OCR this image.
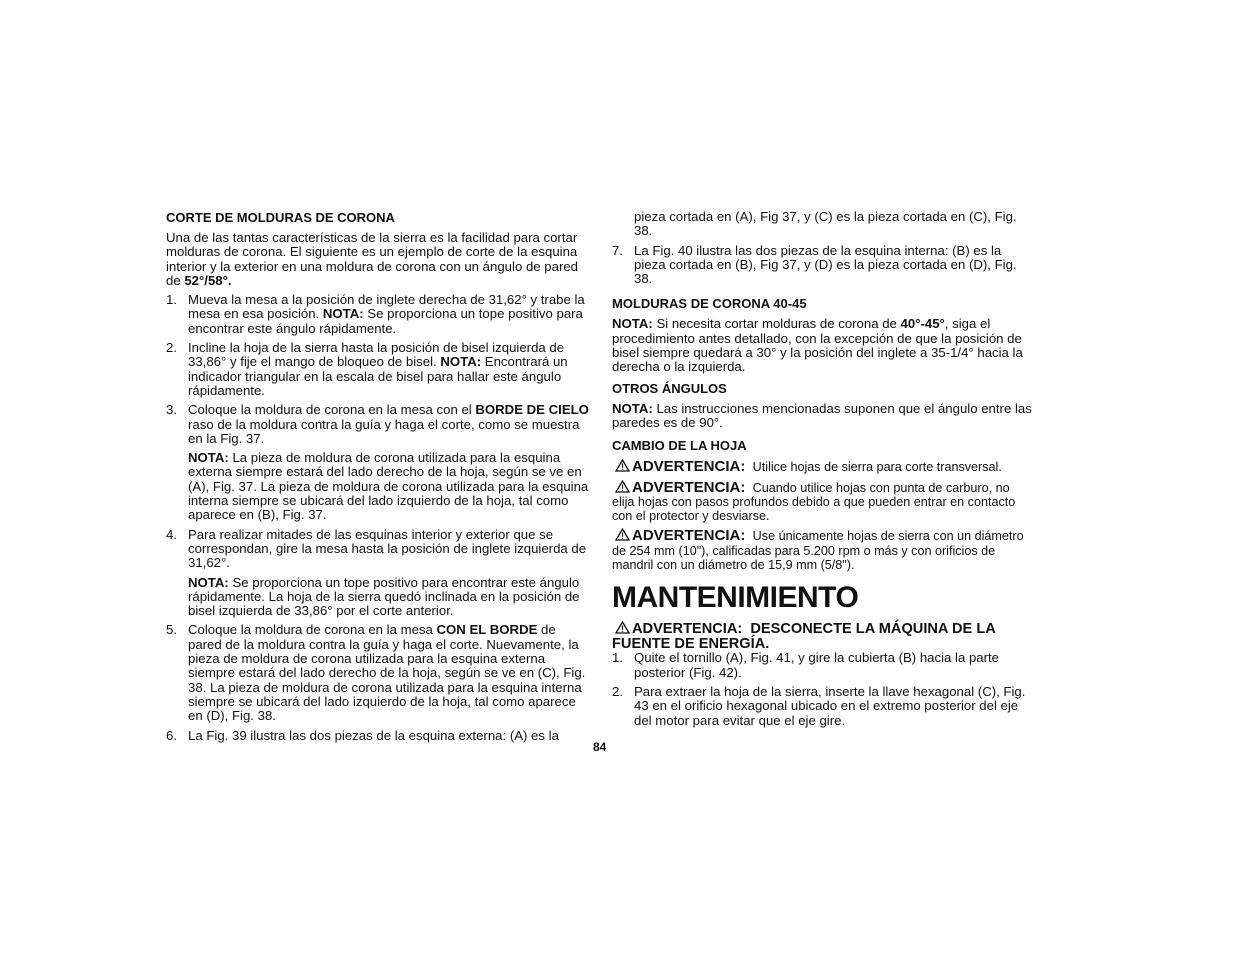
CORTE DE MOLDURAS DE CORONA

Una de las tantas características de la sierra es la facilidad para cortar molduras de corona. El siguiente es un ejemplo de corte de la esquina interior y la exterior en una moldura de corona con un ángulo de pared de 52°/58°.

1. Mueva la mesa a la posición de inglete derecha de 31,62° y trabe la mesa en esa posición. NOTA: Se proporciona un tope positivo para encontrar este ángulo rápidamente.
2. Incline la hoja de la sierra hasta la posición de bisel izquierda de 33,86° y fije el mango de bloqueo de bisel. NOTA: Encontrará un indicador triangular en la escala de bisel para hallar este ángulo rápidamente.
3. Coloque la moldura de corona en la mesa con el BORDE DE CIELO raso de la moldura contra la guía y haga el corte, como se muestra en la Fig. 37.

NOTA: La pieza de moldura de corona utilizada para la esquina externa siempre estará del lado derecho de la hoja, según se ve en (A), Fig. 37. La pieza de moldura de corona utilizada para la esquina interna siempre se ubicará del lado izquierdo de la hoja, tal como aparece en (B), Fig. 37.

4. Para realizar mitades de las esquinas interior y exterior que se correspondan, gire la mesa hasta la posición de inglete izquierda de 31,62°.

NOTA: Se proporciona un tope positivo para encontrar este ángulo rápidamente. La hoja de la sierra quedó inclinada en la posición de bisel izquierda de 33,86° por el corte anterior.

5. Coloque la moldura de corona en la mesa CON EL BORDE de pared de la moldura contra la guía y haga el corte. Nuevamente, la pieza de moldura de corona utilizada para la esquina externa siempre estará del lado derecho de la hoja, según se ve en (C), Fig. 38. La pieza de moldura de corona utilizada para la esquina interna siempre se ubicará del lado izquierdo de la hoja, tal como aparece en (D), Fig. 38.
6. La Fig. 39 ilustra las dos piezas de la esquina externa: (A) es la

pieza cortada en (A), Fig 37, y (C) es la pieza cortada en (C), Fig. 38.

7. La Fig. 40 ilustra las dos piezas de la esquina interna: (B) es la pieza cortada en (B), Fig 37, y (D) es la pieza cortada en (D), Fig. 38.
MOLDURAS DE CORONA 40-45

NOTA: Si necesita cortar molduras de corona de 40°-45°, siga el procedimiento antes detallado, con la excepción de que la posición de bisel siempre quedará a 30° y la posición del inglete a 35-1/4° hacia la derecha o la izquierda.

OTROS ÁNGULOS

NOTA: Las instrucciones mencionadas suponen que el ángulo entre las paredes es de 90°.

CAMBIO DE LA HOJA

ADVERTENCIA: Utilice hojas de sierra para corte transversal.

ADVERTENCIA: Cuando utilice hojas con punta de carburo, no elija hojas con pasos profundos debido a que pueden entrar en contacto con el protector y desviarse.

ADVERTENCIA: Use únicamente hojas de sierra con un diámetro de 254 mm (10"), calificadas para 5.200 rpm o más y con orificios de mandril con un diámetro de 15,9 mm (5/8").

MANTENIMIENTO

ADVERTENCIA: DESCONECTE LA MÁQUINA DE LA FUENTE DE ENERGÍA.

1. Quite el tornillo (A), Fig. 41, y gire la cubierta (B) hacia la parte posterior (Fig. 42).
2. Para extraer la hoja de la sierra, inserte la llave hexagonal (C), Fig. 43 en el orificio hexagonal ubicado en el extremo posterior del eje del motor para evitar que el eje gire.
84
